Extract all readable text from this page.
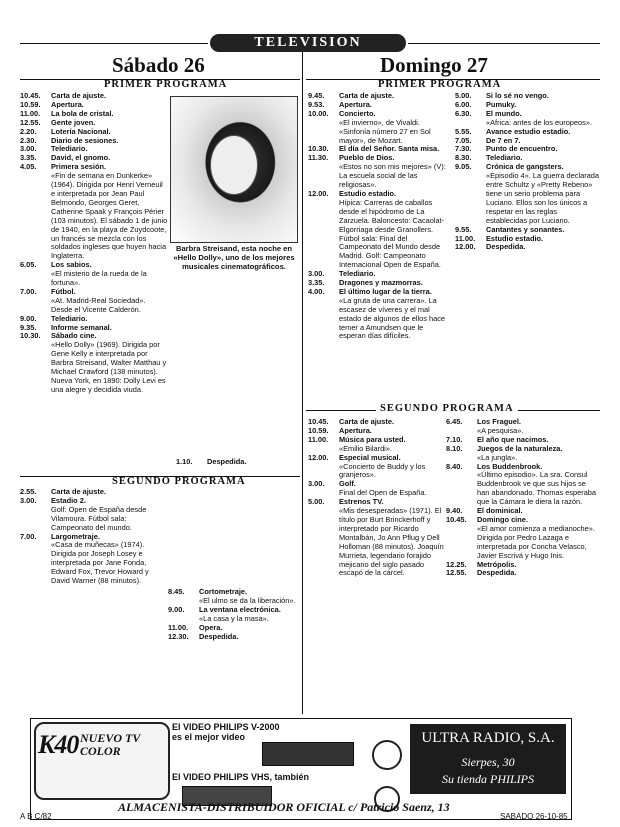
TELEVISION
Sábado 26	Domingo 27
PRIMER PROGRAMA	PRIMER PROGRAMA
10.45.	Carta de ajuste.
10.59.	Apertura.
11.00.	La bola de cristal.
12.55.	Gente joven.
2.20.	Lotería Nacional.
2.30.	Diario de sesiones.
3.00.	Telediario.
3.35.	David, el gnomo.
4.05.	Primera sesión.
«Fin de semana en Dunkerke» (1964). Dirigida por Henri Verneuil e interpretada por Jean Paul Belmondo, Georges Geret, Catherine Spaak y François Périer (103 minutos). El sábado 1 de junio de 1940, en la playa de Zuydcoote, un francés se mezcla con los soldados ingleses que huyen hacia Inglaterra.
6.05.	Los sabios.
«El misterio de la rueda de la fortuna».
7.00.	Fútbol.
«At. Madrid-Real Sociedad». Desde el Vicente Calderón.
9.00.	Telediario.
9.35.	Informe semanal.
10.30.	Sábado cine.
«Hello Dolly» (1969). Dirigida por Gene Kelly e interpretada por Barbra Streisand, Walter Matthau y Michael Crawford (138 minutos). Nueva York, en 1890: Dolly Levi es una alegre y decidida viuda.
Barbra Streisand, esta noche en «Hello Dolly», uno de los mejores musicales cinematográficos.
1.10.	Despedida.
SEGUNDO PROGRAMA
2.55.	Carta de ajuste.
3.00.	Estadio 2.
Golf: Open de España desde Vilamoura. Fútbol sala: Campeonato del mundo.
7.00.	Largometraje.
«Casa de muñecas» (1974). Dirigida por Joseph Losey e interpretada por Jane Fonda, Edward Fox, Trevor Howard y David Warner (88 minutos).
8.45.	Cortometraje.
«El ulmo se da la liberación».
9.00.	La ventana electrónica.
«La casa y la masa».
11.00.	Opera.
12.30.	Despedida.
9.45.	Carta de ajuste.
9.53.	Apertura.
10.00.	Concierto.
«El invierno», de Vivaldi. «Sinfonía número 27 en Sol mayor», de Mozart.
10.30.	El día del Señor. Santa misa.
11.30.	Pueblo de Dios.
«Estos no son mis mejores» (V): La escuela social de las religiosas».
12.00.	Estudio estadio.
Hípica: Carreras de caballos desde el hipódromo de La Zarzuela. Baloncesto: Cacaolat-Elgorriaga desde Granollers. Fútbol sala: Final del Campeonato del Mundo desde Madrid. Golf: Campeonato Internacional Open de España.
3.00.	Telediario.
3.35.	Dragones y mazmorras.
4.00.	El último lugar de la tierra.
«La gruta de una carrera». La escasez de víveres y el mal estado de algunos de ellos hace temer a Amundsen que le esperan días difíciles.
5.00.	Si lo sé no vengo.
6.00.	Pumuky.
6.30.	El mundo.
«Africa: antes de los europeos».
5.55.	Avance estudio estadio.
7.05.	De 7 en 7.
7.30.	Punto de encuentro.
8.30.	Telediario.
9.05.	Crónica de gangsters.
«Episodio 4». La guerra declarada entre Schultz y «Pretty Rebeno» tiene un serio problema para Luciano. Ellos son los únicos a respetar en las reglas establecidas por Luciano.
9.55.	Cantantes y sonantes.
11.00.	Estudio estadio.
12.00.	Despedida.
SEGUNDO PROGRAMA
10.45.	Carta de ajuste.
10.59.	Apertura.
11.00.	Música para usted.
«Emilio Bilardi».
12.00.	Especial musical.
«Concierto de Buddy y los granjeros».
3.00.	Golf.
Final del Open de España.
5.00.	Estrenos TV.
«Mis desesperadas» (1971). El título por Burt Brinckerhoff y interpretado por Ricardo Montalbán, Jo Ann Pflug y Dell Holloman (88 minutos). Joaquín Murrieta, legendario forajido mejicano del siglo pasado escapó de la cárcel.
6.45.	Los Fraguel.
«A pesquisa».
7.10.	El año que nacimos.
8.10.	Juegos de la naturaleza.
«La jungla».
8.40.	Los Buddenbrook.
«Último episodio». La sra. Consul Buddenbrook ve que sus hijos se han abandonado. Thomas esperaba que la Cámara le diera la razón.
9.40.	El dominical.
10.45.	Domingo cine.
«El amor comienza a medianoche». Dirigida por Pedro Lazaga e interpretada por Concha Velasco, Javier Escrivá y Hugo Inis.
12.25.	Metrópolis.
12.55.	Despedida.
K40 NUEVO TV
COLOR
El VIDEO PHILIPS V-2000
es el mejor video
El VIDEO PHILIPS VHS, también
ULTRA RADIO, S.A.
Sierpes, 30
Su tienda PHILIPS
ALMACENISTA-DISTRIBUIDOR OFICIAL c/ Patricio Saenz, 13
A B C/82	SABADO 26-10-85
